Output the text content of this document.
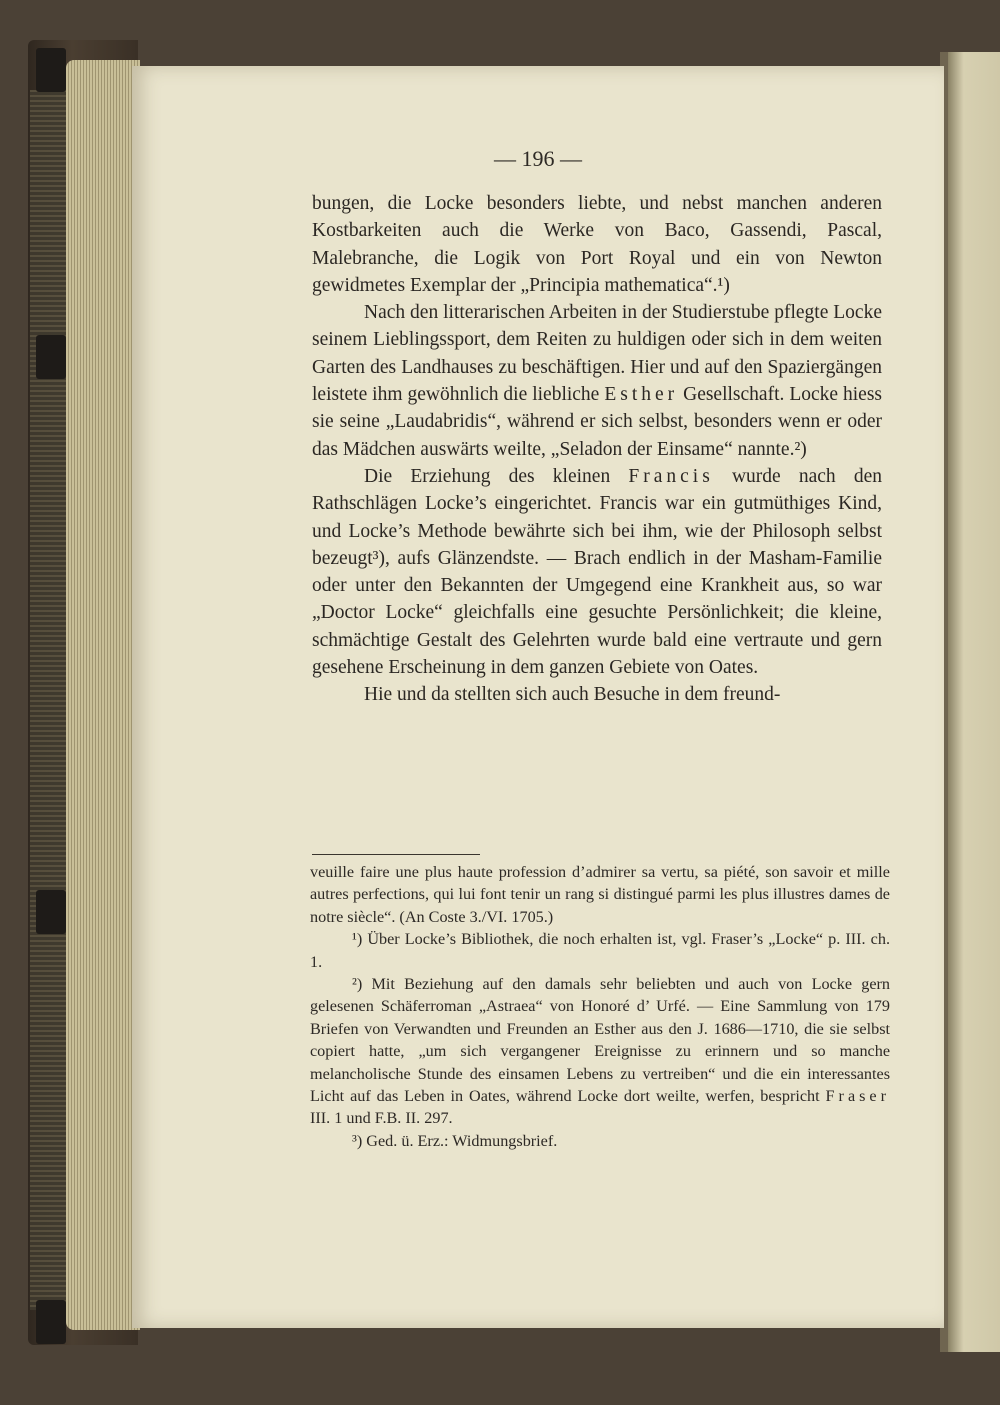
— 196 —

bungen, die Locke besonders liebte, und nebst manchen anderen Kostbarkeiten auch die Werke von Baco, Gassendi, Pascal, Malebranche, die Logik von Port Royal und ein von Newton gewidmetes Exemplar der „Principia mathematica“.¹)

Nach den litterarischen Arbeiten in der Studierstube pflegte Locke seinem Lieblingssport, dem Reiten zu huldigen oder sich in dem weiten Garten des Landhauses zu beschäftigen. Hier und auf den Spaziergängen leistete ihm gewöhnlich die liebliche Esther Gesellschaft. Locke hiess sie seine „Laudabridis“, während er sich selbst, besonders wenn er oder das Mädchen auswärts weilte, „Seladon der Einsame“ nannte.²)

Die Erziehung des kleinen Francis wurde nach den Rathschlägen Locke’s eingerichtet. Francis war ein gutmüthiges Kind, und Locke’s Methode bewährte sich bei ihm, wie der Philosoph selbst bezeugt³), aufs Glänzendste. — Brach endlich in der Masham-Familie oder unter den Bekannten der Umgegend eine Krankheit aus, so war „Doctor Locke“ gleichfalls eine gesuchte Persönlichkeit; die kleine, schmächtige Gestalt des Gelehrten wurde bald eine vertraute und gern gesehene Erscheinung in dem ganzen Gebiete von Oates.

Hie und da stellten sich auch Besuche in dem freund-

veuille faire une plus haute profession d’admirer sa vertu, sa piété, son savoir et mille autres perfections, qui lui font tenir un rang si distingué parmi les plus illustres dames de notre siècle“. (An Coste 3./VI. 1705.)

¹) Über Locke’s Bibliothek, die noch erhalten ist, vgl. Fraser’s „Locke“ p. III. ch. 1.

²) Mit Beziehung auf den damals sehr beliebten und auch von Locke gern gelesenen Schäferroman „Astraea“ von Honoré d’ Urfé. — Eine Sammlung von 179 Briefen von Verwandten und Freunden an Esther aus den J. 1686—1710, die sie selbst copiert hatte, „um sich vergangener Ereignisse zu erinnern und so manche melancholische Stunde des einsamen Lebens zu vertreiben“ und die ein interessantes Licht auf das Leben in Oates, während Locke dort weilte, werfen, bespricht Fraser III. 1 und F.B. II. 297.

³) Ged. ü. Erz.: Widmungsbrief.
